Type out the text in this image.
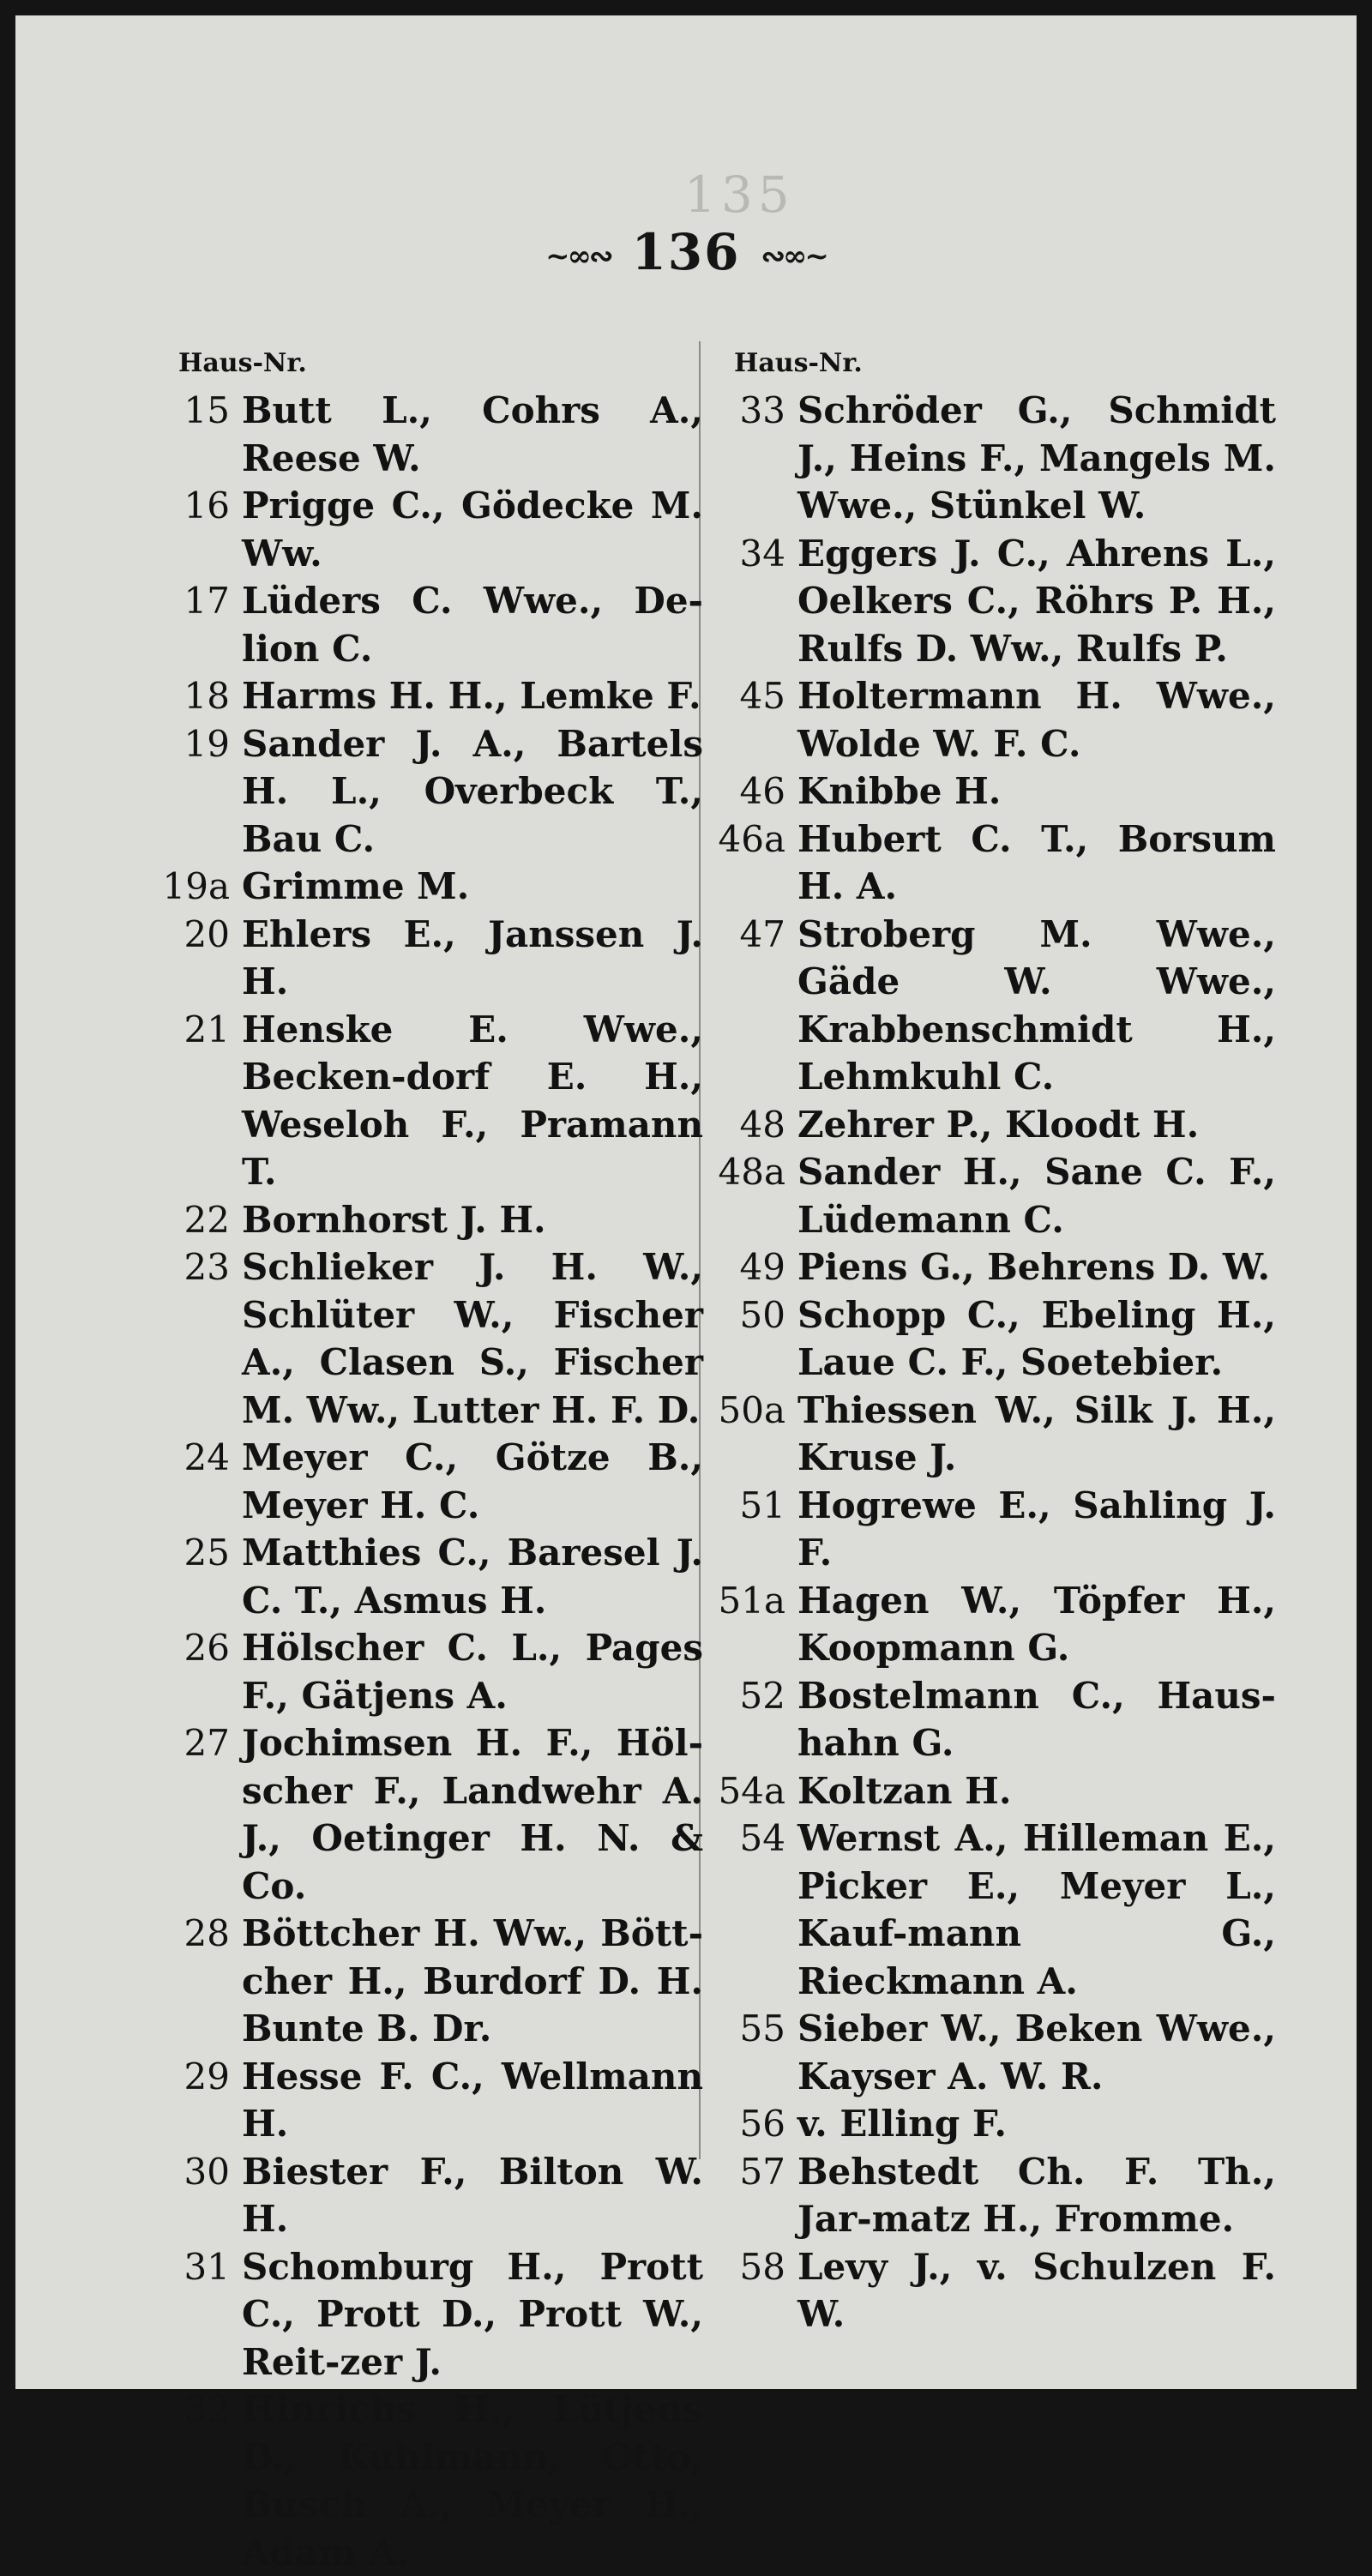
135
~∞∾ 136 ∾∞~
Haus-Nr.
15 Butt L., Cohrs A., Reese W.
16 Prigge C., Gödecke M. Ww.
17 Lüders C. Wwe., De-lion C.
18 Harms H. H., Lemke F.
19 Sander J. A., Bartels H. L., Overbeck T., Bau C.
19a Grimme M.
20 Ehlers E., Janssen J. H.
21 Henske E. Wwe., Becken-dorf E. H., Weseloh F., Pramann T.
22 Bornhorst J. H.
23 Schlieker J. H. W., Schlüter W., Fischer A., Clasen S., Fischer M. Ww., Lutter H. F. D.
24 Meyer C., Götze B., Meyer H. C.
25 Matthies C., Baresel J. C. T., Asmus H.
26 Hölscher C. L., Pages F., Gätjens A.
27 Jochimsen H. F., Höl-scher F., Landwehr A. J., Oetinger H. N. & Co.
28 Böttcher H. Ww., Bött-cher H., Burdorf D. H. Bunte B. Dr.
29 Hesse F. C., Wellmann H.
30 Biester F., Bilton W. H.
31 Schomburg H., Prott C., Prott D., Prott W., Reit-zer J.
32 Hinrichs H., Lütjens D., Kuhlmann, Otto, Busch A., Meyer H., Adam A.
Haus-Nr.
33 Schröder G., Schmidt J., Heins F., Mangels M. Wwe., Stünkel W.
34 Eggers J. C., Ahrens L., Oelkers C., Röhrs P. H., Rulfs D. Ww., Rulfs P.
45 Holtermann H. Wwe., Wolde W. F. C.
46 Knibbe H.
46a Hubert C. T., Borsum H. A.
47 Stroberg M. Wwe., Gäde W. Wwe., Krabbenschmidt H., Lehmkuhl C.
48 Zehrer P., Kloodt H.
48a Sander H., Sane C. F., Lüdemann C.
49 Piens G., Behrens D. W.
50 Schopp C., Ebeling H., Laue C. F., Soetebier.
50a Thiessen W., Silk J. H., Kruse J.
51 Hogrewe E., Sahling J. F.
51a Hagen W., Töpfer H., Koopmann G.
52 Bostelmann C., Haus-hahn G.
54a Koltzan H.
54 Wernst A., Hilleman E., Picker E., Meyer L., Kauf-mann G., Rieckmann A.
55 Sieber W., Beken Wwe., Kayser A. W. R.
56 v. Elling F.
57 Behstedt Ch. F. Th., Jar-matz H., Fromme.
58 Levy J., v. Schulzen F. W.
